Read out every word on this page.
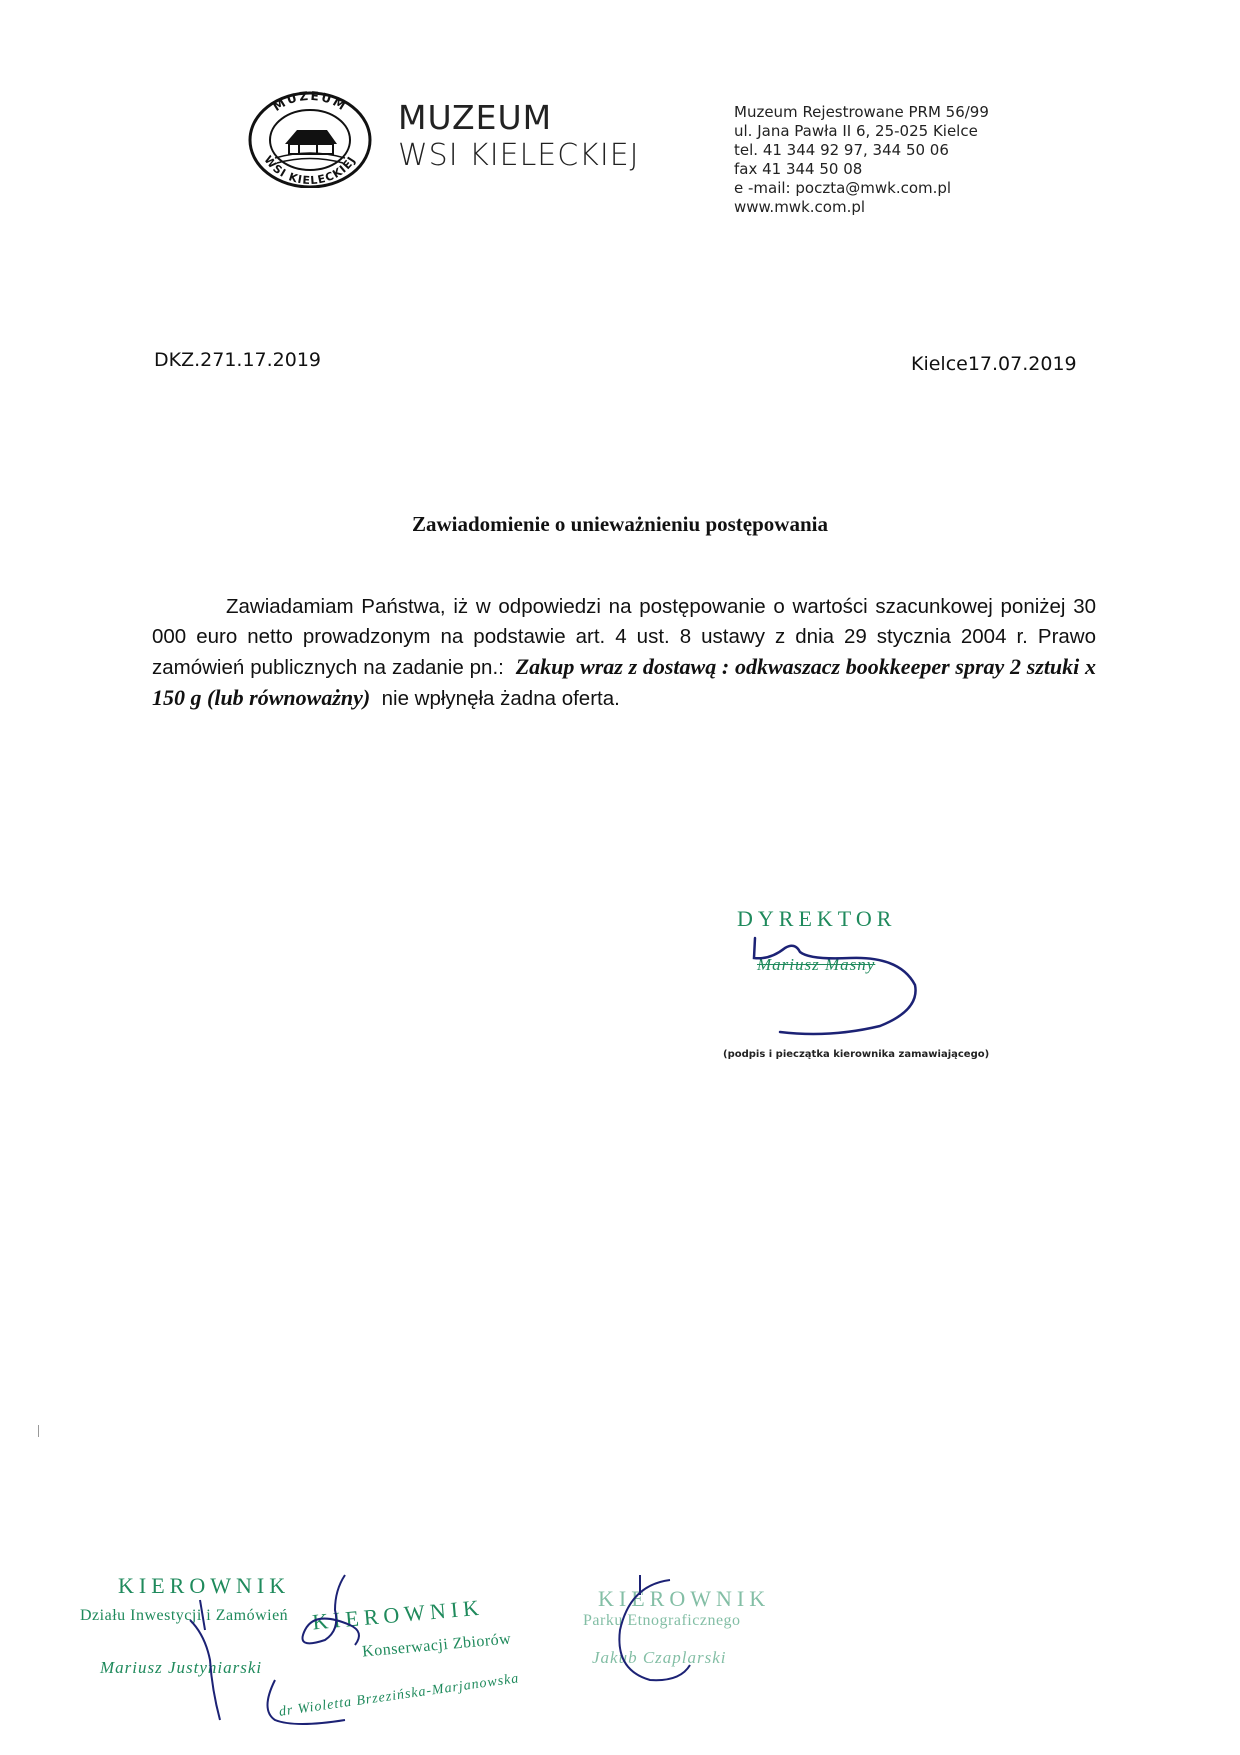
MUZEUM
WSI KIELECKIEJ
MUZEUM
WSI KIELECKIEJ
Muzeum Rejestrowane PRM 56/99
ul. Jana Pawła II 6, 25-025 Kielce
tel. 41 344 92 97, 344 50 06
fax 41 344 50 08
e -mail: poczta@mwk.com.pl
www.mwk.com.pl
DKZ.271.17.2019	Kielce17.07.2019
Zawiadomienie o unieważnieniu postępowania

Zawiadamiam Państwa, iż w odpowiedzi na postępowanie o wartości szacunkowej poniżej 30 000 euro netto prowadzonym na podstawie art. 4 ust. 8 ustawy z dnia 29 stycznia 2004 r. Prawo zamówień publicznych na zadanie pn.: Zakup wraz z dostawą : odkwaszacz bookkeeper spray 2 sztuki x 150 g (lub równoważny) nie wpłynęła żadna oferta.

DYREKTOR
Mariusz Masny
(podpis i pieczątka kierownika zamawiającego)
KIEROWNIK
Działu Inwestycji i Zamówień
Mariusz Justyniarski
KIEROWNIK
Konserwacji Zbiorów
dr Wioletta Brzezińska-Marjanowska
KIEROWNIK
Parku Etnograficznego
Jakub Czaplarski
